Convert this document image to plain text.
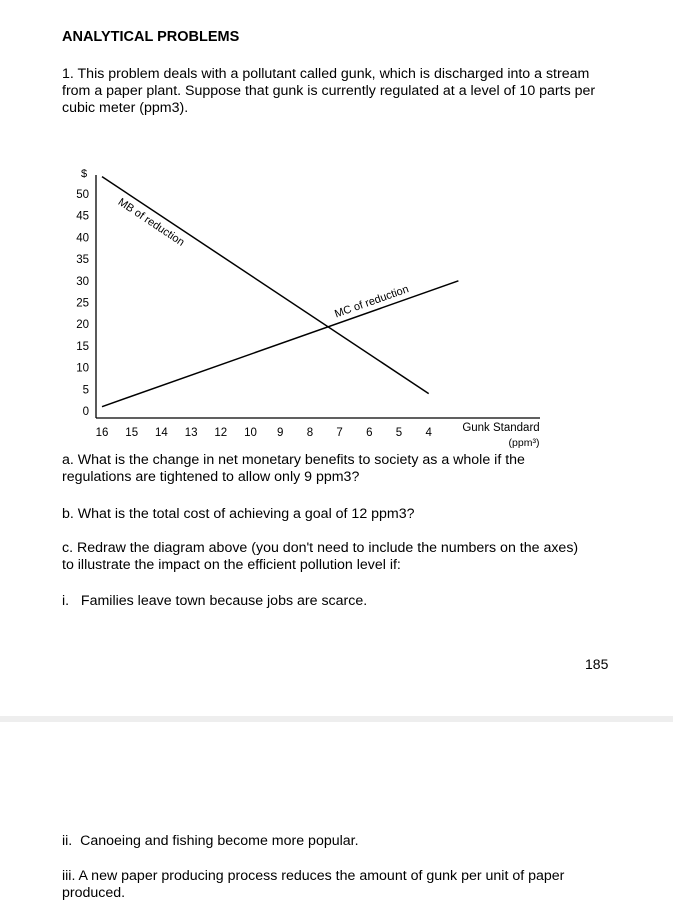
ANALYTICAL PROBLEMS

1. This problem deals with a pollutant called gunk, which is discharged into a stream from a paper plant. Suppose that gunk is currently regulated at a level of 10 parts per cubic meter (ppm3).

50
45
40
35
30
25
20
15
10
5
0
16 15 14 13 12 10 9 8 7 6 5 4
MB of reduction
MC of reduction
$
Gunk Standard
(ppm³)

a. What is the change in net monetary benefits to society as a whole if the regulations are tightened to allow only 9 ppm3?

b. What is the total cost of achieving a goal of 12 ppm3?

c. Redraw the diagram above (you don't need to include the numbers on the axes) to illustrate the impact on the efficient pollution level if:

i.   Families leave town because jobs are scarce.

185

ii.  Canoeing and fishing become more popular.

iii. A new paper producing process reduces the amount of gunk per unit of paper produced.
